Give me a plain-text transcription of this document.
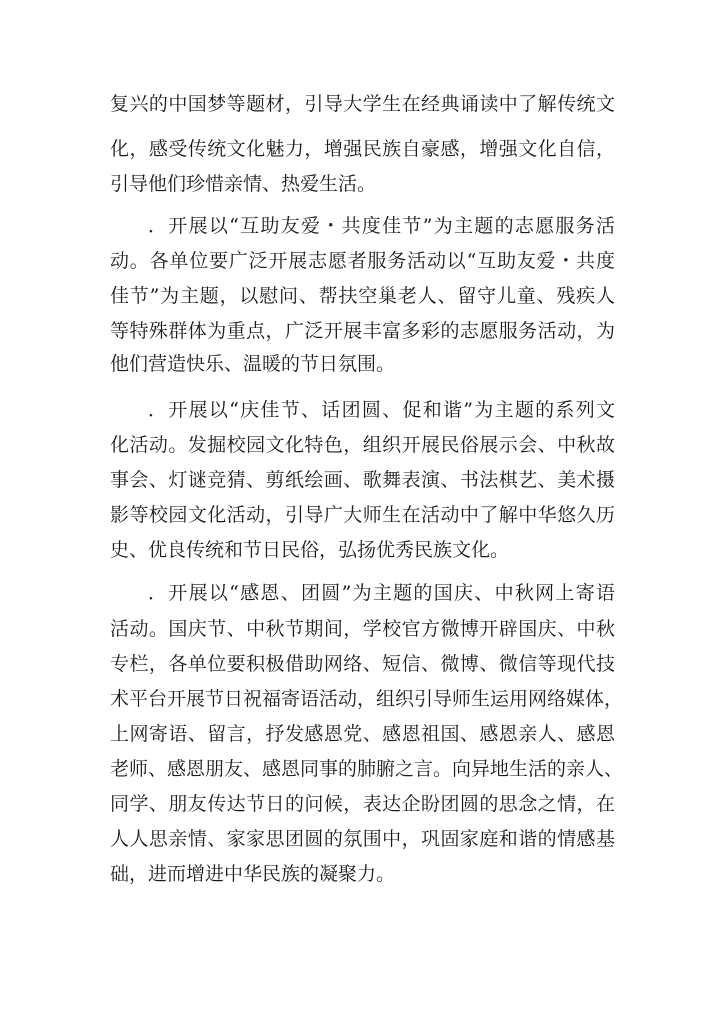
复兴的中国梦等题材，引导大学生在经典诵读中了解传统文
化，感受传统文化魅力，增强民族自豪感，增强文化自信，
引导他们珍惜亲情、热爱生活。
．开展以“互助友爱・共度佳节”为主题的志愿服务活
动。各单位要广泛开展志愿者服务活动以“互助友爱・共度
佳节”为主题，以慰问、帮扶空巢老人、留守儿童、残疾人
等特殊群体为重点，广泛开展丰富多彩的志愿服务活动，为
他们营造快乐、温暖的节日氛围。
．开展以“庆佳节、话团圆、促和谐”为主题的系列文
化活动。发掘校园文化特色，组织开展民俗展示会、中秋故
事会、灯谜竞猜、剪纸绘画、歌舞表演、书法棋艺、美术摄
影等校园文化活动，引导广大师生在活动中了解中华悠久历
史、优良传统和节日民俗，弘扬优秀民族文化。
．开展以“感恩、团圆”为主题的国庆、中秋网上寄语
活动。国庆节、中秋节期间，学校官方微博开辟国庆、中秋
专栏，各单位要积极借助网络、短信、微博、微信等现代技
术平台开展节日祝福寄语活动，组织引导师生运用网络媒体，
上网寄语、留言，抒发感恩党、感恩祖国、感恩亲人、感恩
老师、感恩朋友、感恩同事的肺腑之言。向异地生活的亲人、
同学、朋友传达节日的问候，表达企盼团圆的思念之情，在
人人思亲情、家家思团圆的氛围中，巩固家庭和谐的情感基
础，进而增进中华民族的凝聚力。
